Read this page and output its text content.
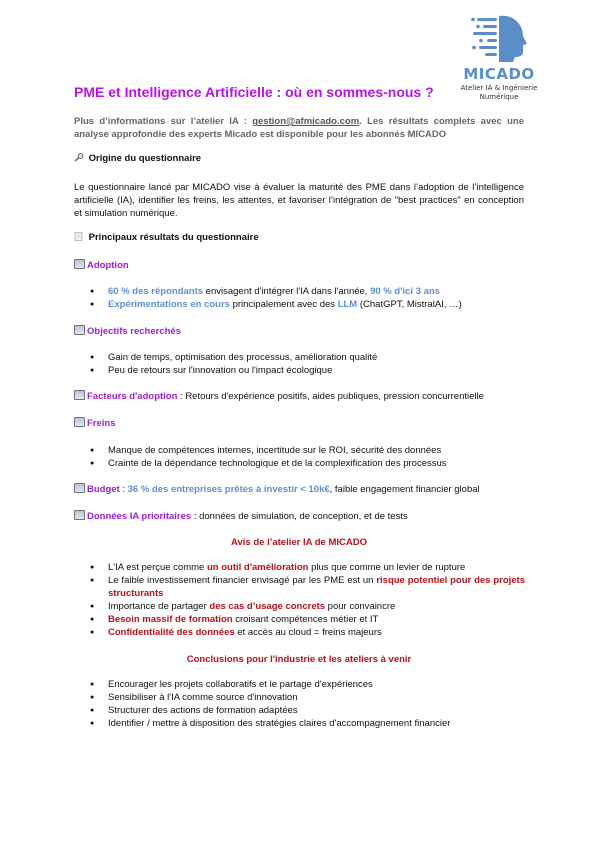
MICADO
Atelier IA & Ingénierie
Numérique
PME et Intelligence Artificielle : où en sommes-nous ?
Plus d’informations sur l’atelier IA : gestion@afmicado.com. Les résultats complets avec une analyse approfondie des experts Micado est disponible pour les abonnés MICADO
Origine du questionnaire
Le questionnaire lancé par MICADO vise à évaluer la maturité des PME dans l’adoption de l’intelligence artificielle (IA), identifier les freins, les attentes, et favoriser l’intégration de "best practices" en conception et simulation numérique.
Principaux résultats du questionnaire
Adoption
● 60 % des répondants envisagent d'intégrer l'IA dans l'année, 90 % d'ici 3 ans
● Expérimentations en cours principalement avec des LLM (ChatGPT, MistralAI, …)
Objectifs recherchés
● Gain de temps, optimisation des processus, amélioration qualité
● Peu de retours sur l'innovation ou l'impact écologique
Facteurs d'adoption : Retours d'expérience positifs, aides publiques, pression concurrentielle
Freins
● Manque de compétences internes, incertitude sur le ROI, sécurité des données
● Crainte de la dépendance technologique et de la complexification des processus
Budget : 36 % des entreprises prêtes à investir < 10k€, faible engagement financier global
Données IA prioritaires : données de simulation, de conception, et de tests
Avis de l’atelier IA de MICADO
● L'IA est perçue comme un outil d'amélioration plus que comme un levier de rupture
● Le faible investissement financier envisagé par les PME est un risque potentiel pour des projets structurants
● Importance de partager des cas d’usage concrets pour convaincre
● Besoin massif de formation croisant compétences métier et IT
● Confidentialité des données et accès au cloud = freins majeurs
Conclusions pour l'industrie et les ateliers à venir
● Encourager les projets collaboratifs et le partage d'expériences
● Sensibiliser à l'IA comme source d'innovation
● Structurer des actions de formation adaptées
● Identifier / mettre à disposition des stratégies claires d'accompagnement financier
